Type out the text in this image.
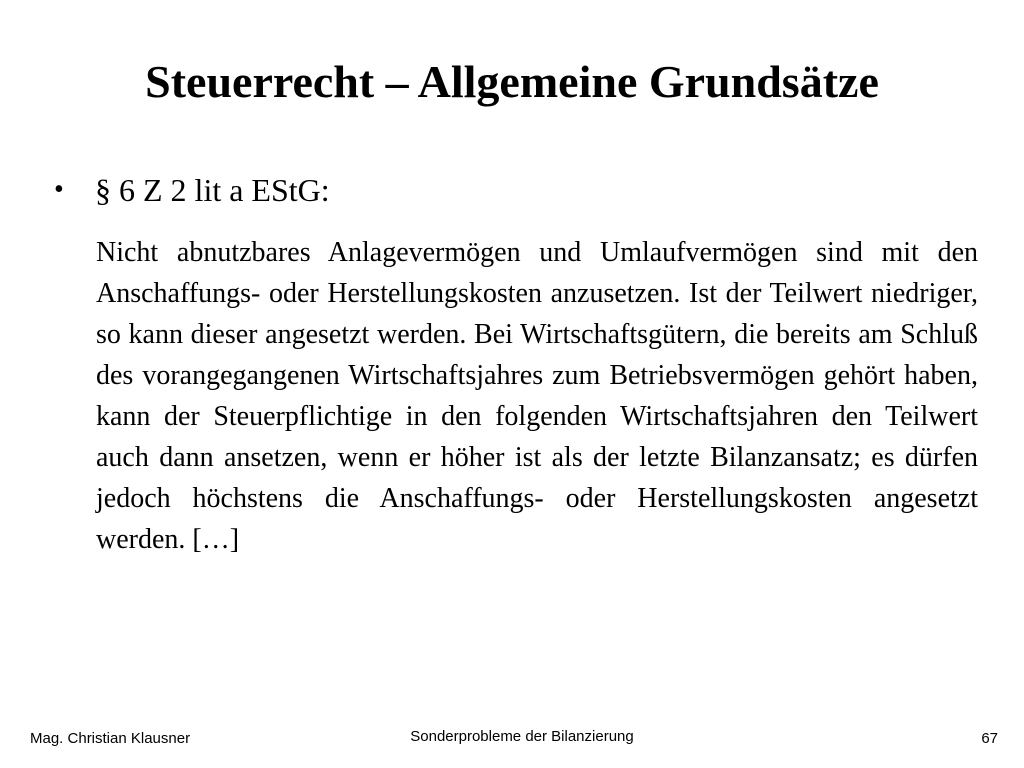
Steuerrecht – Allgemeine Grundsätze
• § 6 Z 2 lit a EStG:

Nicht abnutzbares Anlagevermögen und Umlaufvermögen sind mit den Anschaffungs- oder Herstellungskosten anzusetzen. Ist der Teilwert niedriger, so kann dieser angesetzt werden. Bei Wirtschaftsgütern, die bereits am Schluß des vorangegangenen Wirtschaftsjahres zum Betriebsvermögen gehört haben, kann der Steuerpflichtige in den folgenden Wirtschaftsjahren den Teilwert auch dann ansetzen, wenn er höher ist als der letzte Bilanzansatz; es dürfen jedoch höchstens die Anschaffungs- oder Herstellungskosten angesetzt werden. […]

Mag. Christian Klausner	Sonderprobleme der Bilanzierung	67
